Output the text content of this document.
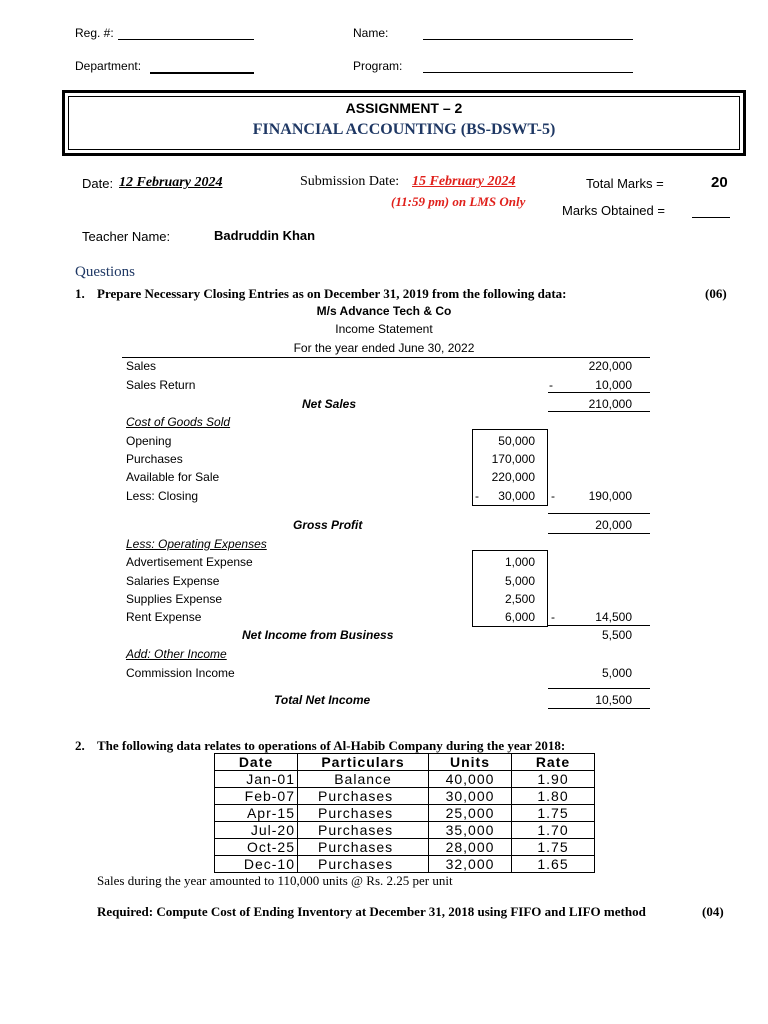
Reg. #:	Name:
Department:	Program:
ASSIGNMENT – 2
FINANCIAL ACCOUNTING (BS-DSWT-5)
Date: 12 February 2024	Submission Date: 15 February 2024
(11:59 pm) on LMS Only
Total Marks =	20
Marks Obtained =
Teacher Name:	Badruddin Khan
Questions
1. Prepare Necessary Closing Entries as on December 31, 2019 from the following data:	(06)
M/s Advance Tech & Co
Income Statement
For the year ended June 30, 2022
Sales	220,000
Sales Return	-	10,000
Net Sales	210,000
Cost of Goods Sold
Opening	50,000
Purchases	170,000
Available for Sale	220,000
Less: Closing	-	30,000 -	190,000
Gross Profit	20,000
Less: Operating Expenses
Advertisement Expense	1,000
Salaries Expense	5,000
Supplies Expense	2,500
Rent Expense	6,000 -	14,500
Net Income from Business	5,500
Add: Other Income
Commission Income	5,000
Total Net Income	10,500
2. The following data relates to operations of Al-Habib Company during the year 2018:
Date	Particulars	Units	Rate
Jan-01	Balance	40,000	1.90
Feb-07	Purchases	30,000	1.80
Apr-15	Purchases	25,000	1.75
Jul-20	Purchases	35,000	1.70
Oct-25	Purchases	28,000	1.75
Dec-10	Purchases	32,000	1.65
Sales during the year amounted to 110,000 units @ Rs. 2.25 per unit
Required: Compute Cost of Ending Inventory at December 31, 2018 using FIFO and LIFO method	(04)
